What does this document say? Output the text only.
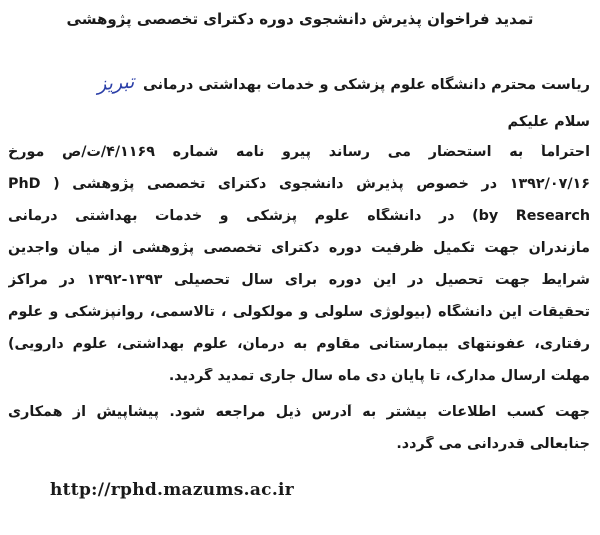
تمدید فراخوان پذیرش دانشجوی دوره دکترای تخصصی پژوهشی
ریاست محترم دانشگاه علوم پزشکی و خدمات بهداشتی درمانی تبریز
سلام علیکم
احتراماً به استحضار می رساند پیرو نامه شماره ۴/۱۱۶۹/ت/ص مورخ
۱۳۹۲/۰۷/۱۶ در خصوص پذیرش دانشجوی دکترای تخصصی پژوهشی ( PhD
by Research) در دانشگاه علوم پزشکی و خدمات بهداشتی درمانی
مازندران جهت تکمیل ظرفیت دوره دکترای تخصصی پژوهشی از میان واجدین
شرایط جهت تحصیل در این دوره برای سال تحصیلی ۱۳۹۳-۱۳۹۲ در مراکز
تحقیقات این دانشگاه (بیولوژی سلولی و مولکولی ، تالاسمی، روانپزشکی و علوم
رفتاری، عفونتهای بیمارستانی مقاوم به درمان، علوم بهداشتی، علوم دارویی)
مهلت ارسال مدارک، تا پایان دی ماه سال جاری تمدید گردید.
جهت کسب اطلاعات بیشتر به آدرس ذیل مراجعه شود. پیشاپیش از همکاری
جنابعالی قدردانی می گردد.
http://rphd.mazums.ac.ir
